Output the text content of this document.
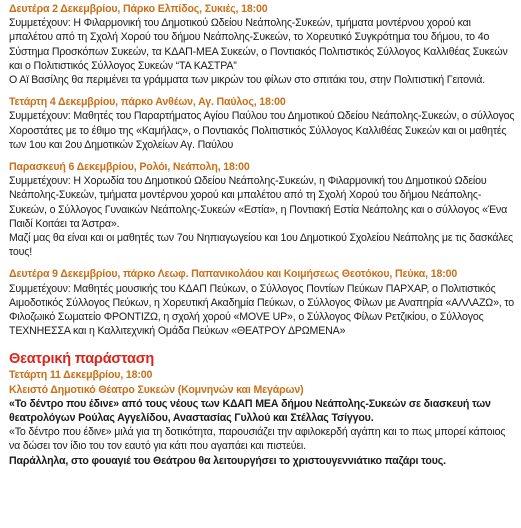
Δευτέρα 2 Δεκεμβρίου, Πάρκο Ελπίδος, Συκιές, 18:00
Συμμετέχουν: Η Φιλαρμονική του Δημοτικού Ωδείου Νεάπολης-Συκεών, τμήματα μοντέρνου χορού και μπαλέτου από τη Σχολή Χορού του δήμου Νεάπολης-Συκεών, το Χορευτικό Συγκρότημα του δήμου, το 4ο Σύστημα Προσκόπων Συκεών, τα ΚΔΑΠ-ΜΕΑ Συκεών, ο Ποντιακός Πολιτιστικός Σύλλογος Καλλιθέας Συκεών και ο Πολιτιστικός Σύλλογος Συκεών “ΤΑ ΚΑΣΤΡΑ”
Ο Αϊ Βασίλης θα περιμένει τα γράμματα των μικρών του φίλων στο σπιτάκι του, στην Πολιτιστική Γειτονιά.
Τετάρτη 4 Δεκεμβρίου, πάρκο Ανθέων, Αγ. Παύλος, 18:00
Συμμετέχουν: Μαθητές του Παραρτήματος Αγίου Παύλου του Δημοτικού Ωδείου Νεάπολης-Συκεών, ο σύλλογος Χοροστάτες με το έθιμο της «Καμήλας», ο Ποντιακός Πολιτιστικός Σύλλογος Καλλιθέας Συκεών και οι μαθητές των 1ου και 2ου Δημοτικών Σχολείων Αγ. Παύλου
Παρασκευή 6 Δεκεμβρίου, Ρολόι, Νεάπολη, 18:00
Συμμετέχουν: Η Χορωδία του Δημοτικού Ωδείου Νεάπολης-Συκεών, η Φιλαρμονική του Δημοτικού Ωδείου Νεάπολης-Συκεών, τμήματα μοντέρνου χορού και μπαλέτου από τη Σχολή Χορού του δήμου Νεάπολης-Συκεών, ο Σύλλογος Γυναικών Νεάπολης-Συκεών «Εστία», η Ποντιακή Εστία Νεάπολης και ο σύλλογος «Ένα Παιδί Κοιτάει τα Άστρα».
Μαζί μας θα είναι και οι μαθητές των 7ου Νηπιαγωγείου και 1ου Δημοτικού Σχολείου Νεάπολης με τις δασκάλες τους!
Δευτέρα 9 Δεκεμβρίου, πάρκο Λεωφ. Παπανικολάου και Κοιμήσεως Θεοτόκου, Πεύκα, 18:00
Συμμετέχουν: Μαθητές μουσικής του ΚΔΑΠ Πεύκων, ο Σύλλογος Ποντίων Πεύκων ΠΑΡΧΑΡ, ο Πολιτιστικός Αιμοδοτικός Σύλλογος Πεύκων, η Χορευτική Ακαδημία Πεύκων, ο Σύλλογος Φίλων με Αναπηρία «ΑΛΛΑΖΩ», το Φιλοζωικό Σωματείο ΦΡΟΝΤΙΖΩ, η σχολή χορού «MOVE UP», ο Σύλλογος Φίλων Ρετζικίου, ο Σύλλογος ΤΕΧΝΗΕΣΣΑ και η Καλλιτεχνική Ομάδα Πεύκων «ΘΕΑΤΡΟΥ ΔΡΩΜΕΝΑ»
Θεατρική παράσταση
Τετάρτη 11 Δεκεμβρίου, 18:00
Κλειστό Δημοτικό Θέατρο Συκεών (Κομνηνών και Μεγάρων)
«Το δέντρο που έδινε» από τους νέους των ΚΔΑΠ ΜΕΑ δήμου Νεάπολης-Συκεών σε διασκευή των θεατρολόγων Ρούλας Αγγελίδου, Αναστασίας Γυλλού και Στέλλας Τσίγγου.
«Το δέντρο που έδινε» μιλά για τη δοτικότητα, παρουσιάζει την αφιλοκερδή αγάπη και το πως μπορεί κάποιος να δώσει τον ίδιο του τον εαυτό για κάτι που αγαπάει και πιστεύει.
Παράλληλα, στο φουαγιέ του Θεάτρου θα λειτουργήσει το χριστουγεννιάτικο παζάρι τους.
